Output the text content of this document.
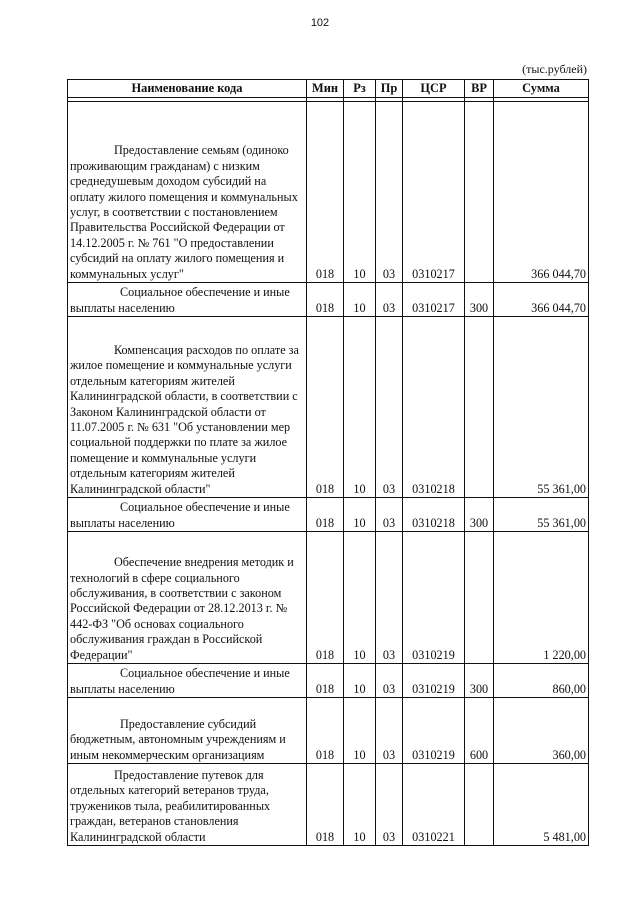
102
(тыс.рублей)
Наименование кода	Мин	Рз	Пр	ЦСР	ВР	Сумма

Предоставление семьям (одиноко проживающим гражданам) с низким среднедушевым доходом субсидий на оплату жилого помещения и коммунальных услуг, в соответствии с постановлением Правительства Российской Федерации от 14.12.2005 г. № 761 "О предоставлении субсидий на оплату жилого помещения и коммунальных услуг"	018	10	03	0310217		366 044,70
Социальное обеспечение и иные выплаты населению	018	10	03	0310217	300	366 044,70
Компенсация расходов по оплате за жилое помещение и коммунальные услуги отдельным категориям жителей Калининградской области, в соответствии с Законом Калининградской области от 11.07.2005 г. № 631 "Об установлении мер социальной поддержки по плате за жилое помещение и коммунальные услуги отдельным категориям жителей Калининградской области"	018	10	03	0310218		55 361,00
Социальное обеспечение и иные выплаты населению	018	10	03	0310218	300	55 361,00
Обеспечение внедрения методик и технологий в сфере социального обслуживания, в соответствии с законом Российской Федерации от 28.12.2013 г. № 442-ФЗ "Об основах социального обслуживания граждан в Российской Федерации"	018	10	03	0310219		1 220,00
Социальное обеспечение и иные выплаты населению	018	10	03	0310219	300	860,00
Предоставление субсидий бюджетным, автономным учреждениям и иным некоммерческим организациям	018	10	03	0310219	600	360,00
Предоставление путевок для отдельных категорий ветеранов труда, тружеников тыла, реабилитированных граждан, ветеранов становления Калининградской области	018	10	03	0310221		5 481,00
